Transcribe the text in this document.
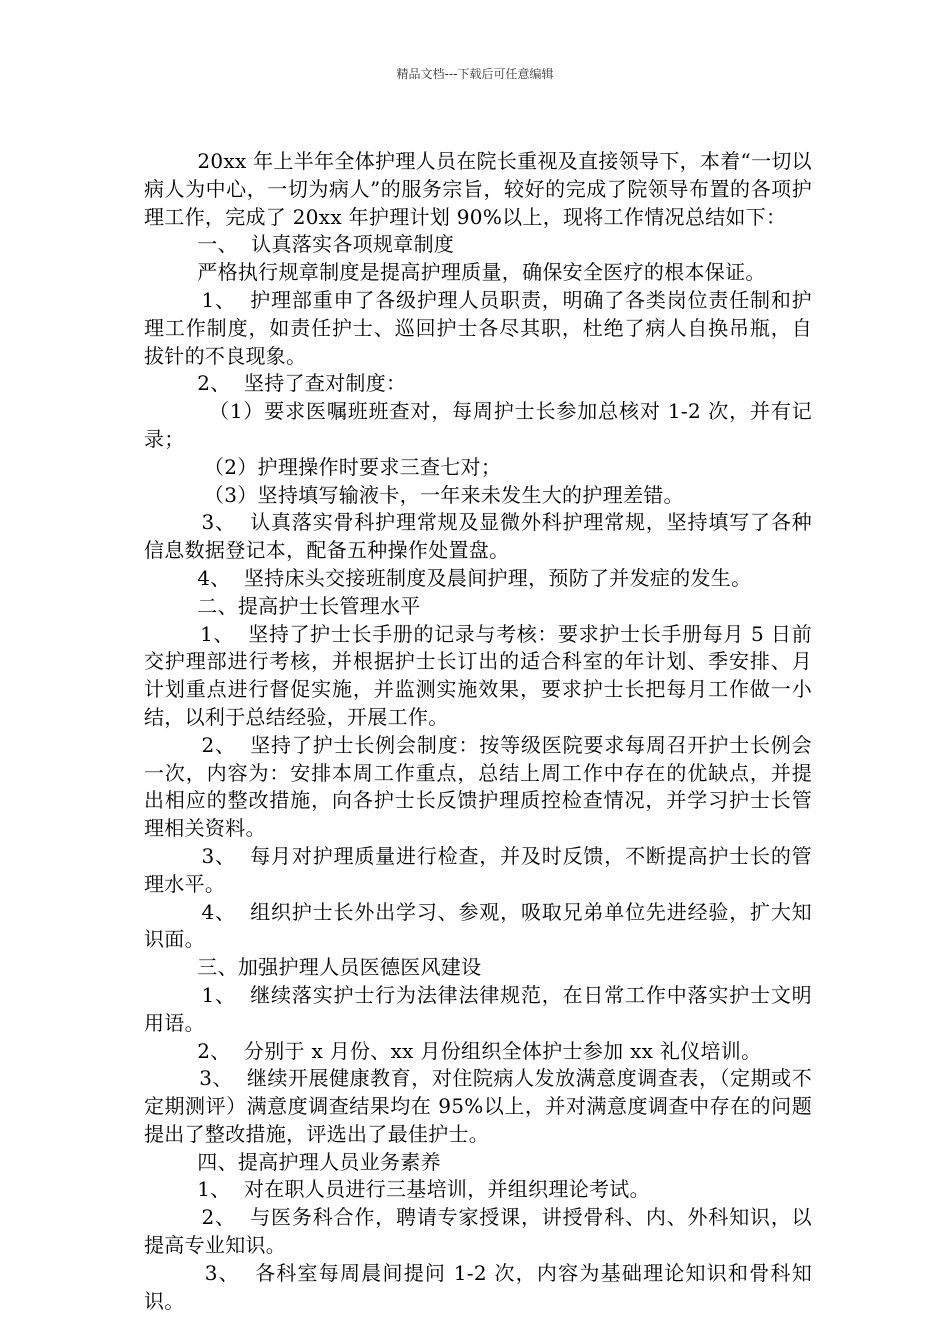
精品文档---下载后可任意编辑

20xx 年上半年全体护理人员在院长重视及直接领导下，本着“一切以病人为中心，一切为病人”的服务宗旨，较好的完成了院领导布置的各项护理工作，完成了 20xx 年护理计划 90%以上，现将工作情况总结如下：

一、  认真落实各项规章制度

严格执行规章制度是提高护理质量，确保安全医疗的根本保证。

1、  护理部重申了各级护理人员职责，明确了各类岗位责任制和护理工作制度，如责任护士、巡回护士各尽其职，杜绝了病人自换吊瓶，自拔针的不良现象。

2、  坚持了查对制度：

（1）要求医嘱班班查对，每周护士长参加总核对 1-2 次，并有记录；

（2）护理操作时要求三查七对；

（3）坚持填写输液卡，一年来未发生大的护理差错。

3、  认真落实骨科护理常规及显微外科护理常规，坚持填写了各种信息数据登记本，配备五种操作处置盘。

4、  坚持床头交接班制度及晨间护理，预防了并发症的发生。

二、提高护士长管理水平

1、  坚持了护士长手册的记录与考核：要求护士长手册每月 5 日前交护理部进行考核，并根据护士长订出的适合科室的年计划、季安排、月计划重点进行督促实施，并监测实施效果，要求护士长把每月工作做一小结，以利于总结经验，开展工作。

2、  坚持了护士长例会制度：按等级医院要求每周召开护士长例会一次，内容为：安排本周工作重点，总结上周工作中存在的优缺点，并提出相应的整改措施，向各护士长反馈护理质控检查情况，并学习护士长管理相关资料。

3、  每月对护理质量进行检查，并及时反馈，不断提高护士长的管理水平。

4、  组织护士长外出学习、参观，吸取兄弟单位先进经验，扩大知识面。

三、加强护理人员医德医风建设

1、  继续落实护士行为法律法律规范，在日常工作中落实护士文明用语。

2、  分别于 x 月份、xx 月份组织全体护士参加 xx 礼仪培训。

3、  继续开展健康教育，对住院病人发放满意度调查表，（定期或不定期测评）满意度调查结果均在 95%以上，并对满意度调查中存在的问题提出了整改措施，评选出了最佳护士。

四、提高护理人员业务素养

1、  对在职人员进行三基培训，并组织理论考试。

2、  与医务科合作，聘请专家授课，讲授骨科、内、外科知识，以提高专业知识。

3、  各科室每周晨间提问 1-2 次，内容为基础理论知识和骨科知识。
